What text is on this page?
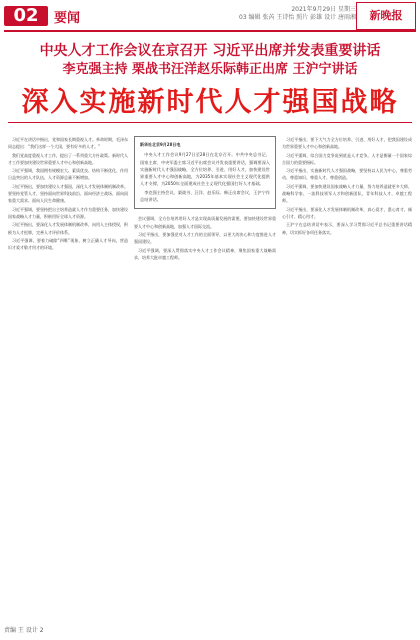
02	要闻
2021年9月29日 星期三
03 编辑 张芮 王诗怡 照片 彭雄 设计 唐雨湘	新晚报
中央人才工作会议在京召开 习近平出席并发表重要讲话
李克强主持 栗战书汪洋赵乐际韩正出席 王沪宁讲话
深入实施新时代人才强国战略

习近平在讲话中指出，党和国家长期重视人才。革命时期，毛泽东同志提出：“我们这样一个大国，要有好多的人才。”

我们党高度重视人才工作，提出了一系列重大方针政策。新时代人才工作要加快建设世界重要人才中心和创新高地。

习近平强调，我国拥有规模宏大、素质优良、结构不断优化、作用日益突出的人才队伍，人才资源总量不断增加。

习近平指出，要加快建设人才强国，深化人才发展体制机制改革。要坚持党管人才，坚持面向世界科技前沿、面向经济主战场、面向国家重大需求、面向人民生命健康。

习近平强调，要坚持把自主培养造就人才作为重要任务，加快建设国家战略人才力量，积极用好全球人才资源。

习近平指出，要深化人才发展体制机制改革，向用人主体授权，积极为人才松绑，完善人才评价体系。

习近平强调，要着力破除“四唯”现象，树立正确人才导向，营造识才爱才敬才用才的环境。

新华社北京9月28日电

中央人才工作会议9月27日至28日在北京召开。中共中央总书记、国家主席、中央军委主席习近平出席会议并发表重要讲话，强调要深入实施新时代人才强国战略，全方位培养、引进、用好人才，加快建设世界重要人才中心和创新高地，为2035年基本实现社会主义现代化提供人才支撑，为2050年全面建成社会主义现代化强国打好人才基础。

李克强主持会议。栗战书、汪洋、赵乐际、韩正出席会议，王沪宁作总结讲话。

会议强调，全方位培养用好人才是实现高质量发展的需要。要加快建设世界重要人才中心和创新高地，加强人才国际交流。

习近平指出，要加强党对人才工作的全面领导，以更大的决心和力度推进人才强国建设。

习近平强调，要深入贯彻落实中央人才工作会议精神，聚焦国家重大战略需求，培养大批卓越工程师。

习近平指出，要下大气力全方位培养、引进、用好人才，把我国建设成为世界重要人才中心和创新高地。

习近平强调，综合国力竞争说到底是人才竞争。人才是衡量一个国家综合国力的重要指标。

习近平指出，实施新时代人才强国战略，要坚持以人民为中心，尊重劳动、尊重知识、尊重人才、尊重创造。

习近平强调，要加快建设国家战略人才力量，努力培养造就更多大师、战略科学家、一流科技领军人才和创新团队、青年科技人才、卓越工程师。

习近平指出，要深化人才发展体制机制改革，真心爱才、悉心育才、倾心引才、精心用才。

王沪宁在总结讲话中表示，要深入学习贯彻习近平总书记重要讲话精神，切实抓好各项任务落实。

责编 王 设计 2
